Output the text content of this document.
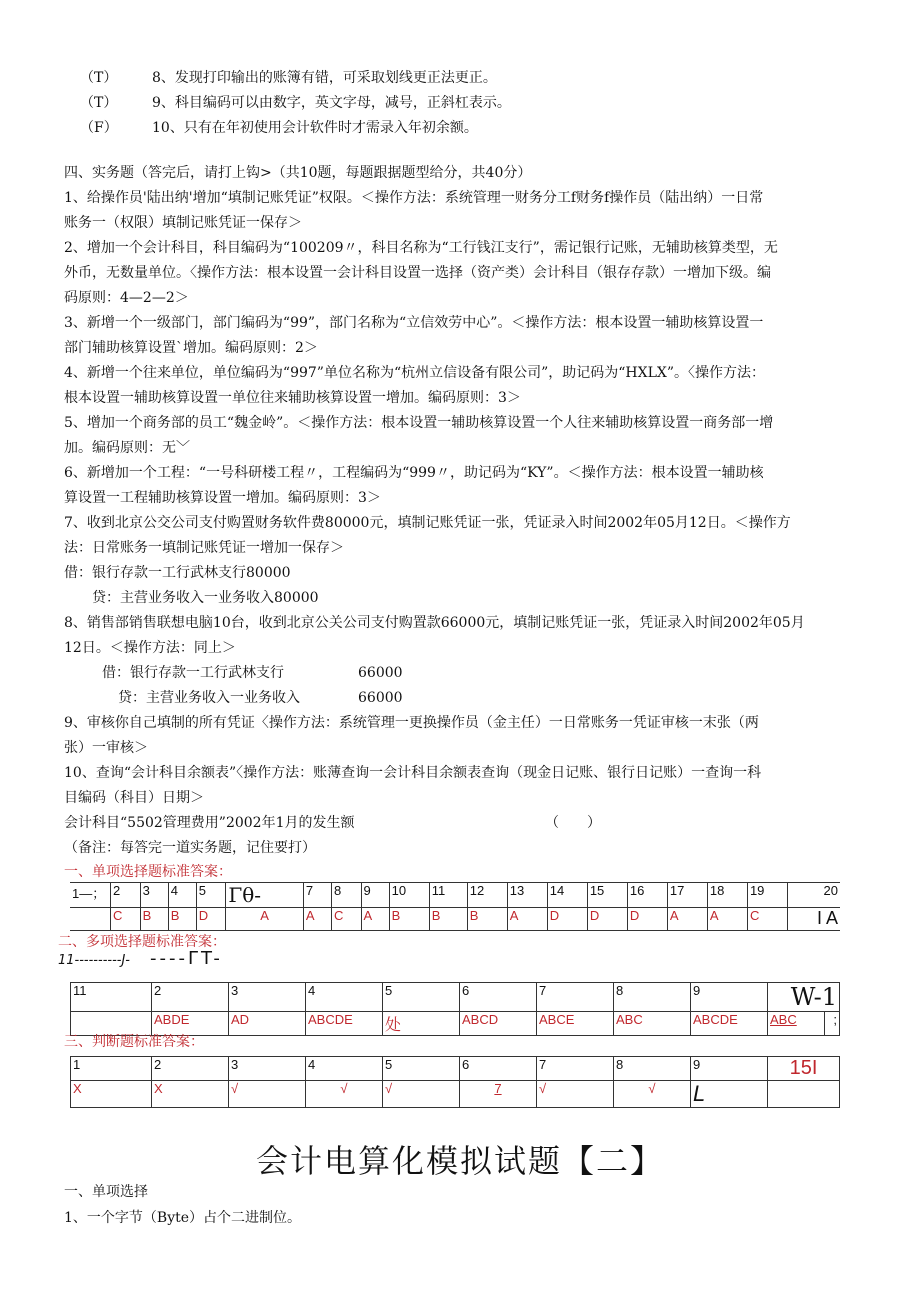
（T） 8、发现打印输出的账簿有错，可采取划线更正法更正。
（T） 9、科目编码可以由数字，英文字母，减号，正斜杠表示。
（F） 10、只有在年初使用会计软件时才需录入年初余额。
四、实务题（答完后，请打上钩>（共10题，每题跟据题型给分，共40分）
1、给操作员'陆出纳'增加“填制记账凭证”权限。＜操作方法：系统管理一财务分工f财务f操作员（陆出纳）一日常
账务一（权限）填制记账凭证一保存＞
2、增加一个会计科目，科目编码为“100209〃，科目名称为“工行钱江支行”，需记银行记账，无辅助核算类型，无
外币，无数量单位。〈操作方法：根本设置一会计科目设置一选择（资产类）会计科目（银存存款）一增加下级。编
码原则：4—2—2＞
3、新增一个一级部门，部门编码为“99”，部门名称为“立信效劳中心”。＜操作方法：根本设置一辅助核算设置一
部门辅助核算设置`增加。编码原则：2＞
4、新增一个往来单位，单位编码为“997”单位名称为“杭州立信设备有限公司”，助记码为“HXLX”。〈操作方法：
根本设置一辅助核算设置一单位往来辅助核算设置一增加。编码原则：3＞
5、增加一个商务部的员工“魏金岭”。＜操作方法：根本设置一辅助核算设置一个人往来辅助核算设置一商务部一增
加。编码原则：无﹀
6、新增加一个工程：“一号科研楼工程〃，工程编码为“999〃，助记码为“KY”。＜操作方法：根本设置一辅助核
算设置一工程辅助核算设置一增加。编码原则：3＞
7、收到北京公交公司支付购置财务软件费80000元，填制记账凭证一张，凭证录入时间2002年05月12日。＜操作方
法：日常账务一填制记账凭证一增加一保存＞
借：银行存款一工行武林支行80000
贷：主营业务收入一业务收入80000
8、销售部销售联想电脑10台，收到北京公关公司支付购置款66000元，填制记账凭证一张，凭证录入时间2002年05月
12日。＜操作方法：同上＞
借：银行存款一工行武林支行	66000
贷：主营业务收入一业务收入	66000
9、审核你自己填制的所有凭证〈操作方法：系统管理一更换操作员（金主任）一日常账务一凭证审核一末张（两
张）一审核＞
10、查询“会计科目余额表”〈操作方法：账薄查询一会计科目余额表查询（现金日记账、银行日记账）一查询一科
目编码（科目）日期＞
会计科目“5502管理费用”2002年1月的发生额	（　　）
（备注：每答完一道实务题，记住要打）
一、单项选择题标准答案：
1—；	2	3	4	5	Γθ-	7	8	9	10	11	12	13	14	15	16	17	18	19	20
	C	B	B	D	A	A	C	A	B	B	B	A	D	D	D	A	A	C	I A
二、多项选择题标准答案：
11----------J- ----ΓT-
11	2	3	4	5	6	7	8	9	W-1	
	ABDE	AD	ABCDE	处	ABCD	ABCE	ABC	ABCDE	ABC	;
三、判断题标准答案：
1	2	3	4	5	6	7	8	9	15I
X	X	√	√	√	7	√	√	L	
会计电算化模拟试题【二】
一、单项选择
1、一个字节（Byte）占个二进制位。
